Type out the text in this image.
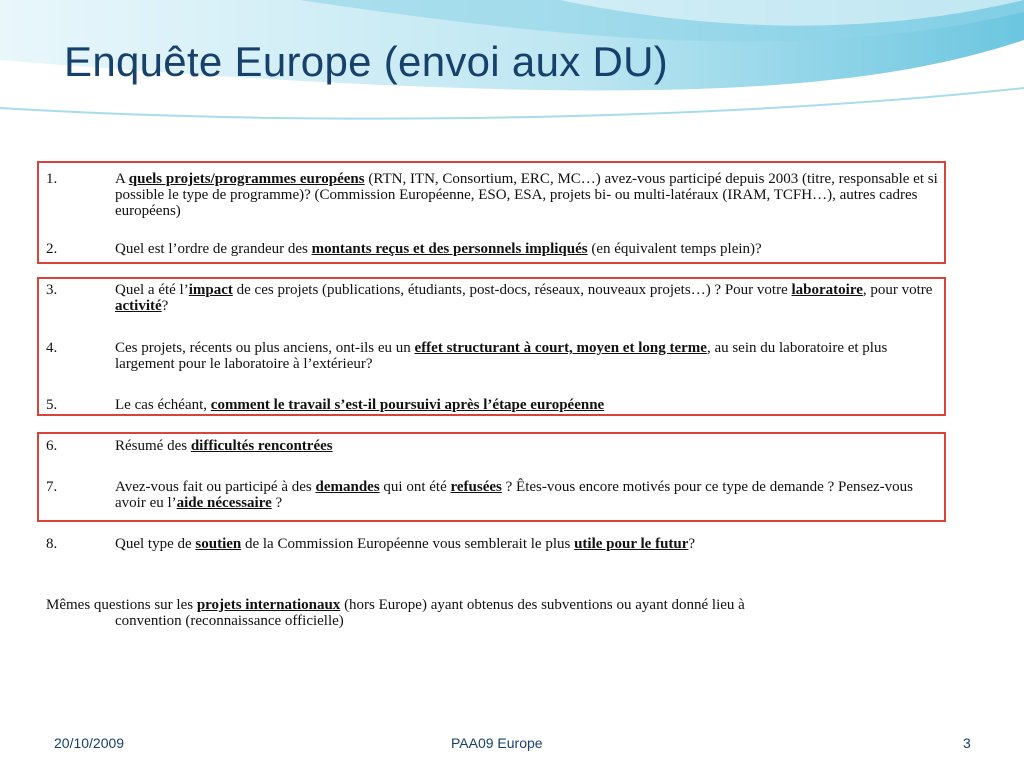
Enquête Europe (envoi aux DU)
1.	A quels projets/programmes européens (RTN, ITN, Consortium, ERC, MC…) avez-vous participé depuis 2003 (titre, responsable et si possible le type de programme)? (Commission Européenne, ESO, ESA, projets bi- ou multi-latéraux (IRAM, TCFH…), autres cadres européens)
2.	Quel est l’ordre de grandeur des montants reçus et des personnels impliqués (en équivalent temps plein)?
3.	Quel a été l’impact de ces projets (publications, étudiants, post-docs, réseaux, nouveaux projets…) ? Pour votre laboratoire, pour votre activité?
4.	Ces projets, récents ou plus anciens, ont-ils eu un effet structurant à court, moyen et long terme, au sein du laboratoire et plus largement pour le laboratoire à l’extérieur?
5.	Le cas échéant, comment le travail s’est-il poursuivi après l’étape européenne
6.	Résumé des difficultés rencontrées
7.	Avez-vous fait ou participé à des demandes qui ont été refusées ? Êtes-vous encore motivés pour ce type de demande ? Pensez-vous avoir eu l’aide nécessaire ?
8.	Quel type de soutien de la Commission Européenne vous semblerait le plus utile pour le futur?
Mêmes questions sur les projets internationaux (hors Europe) ayant obtenus des subventions ou ayant donné lieu à
convention (reconnaissance officielle)
20/10/2009	PAA09 Europe	3
